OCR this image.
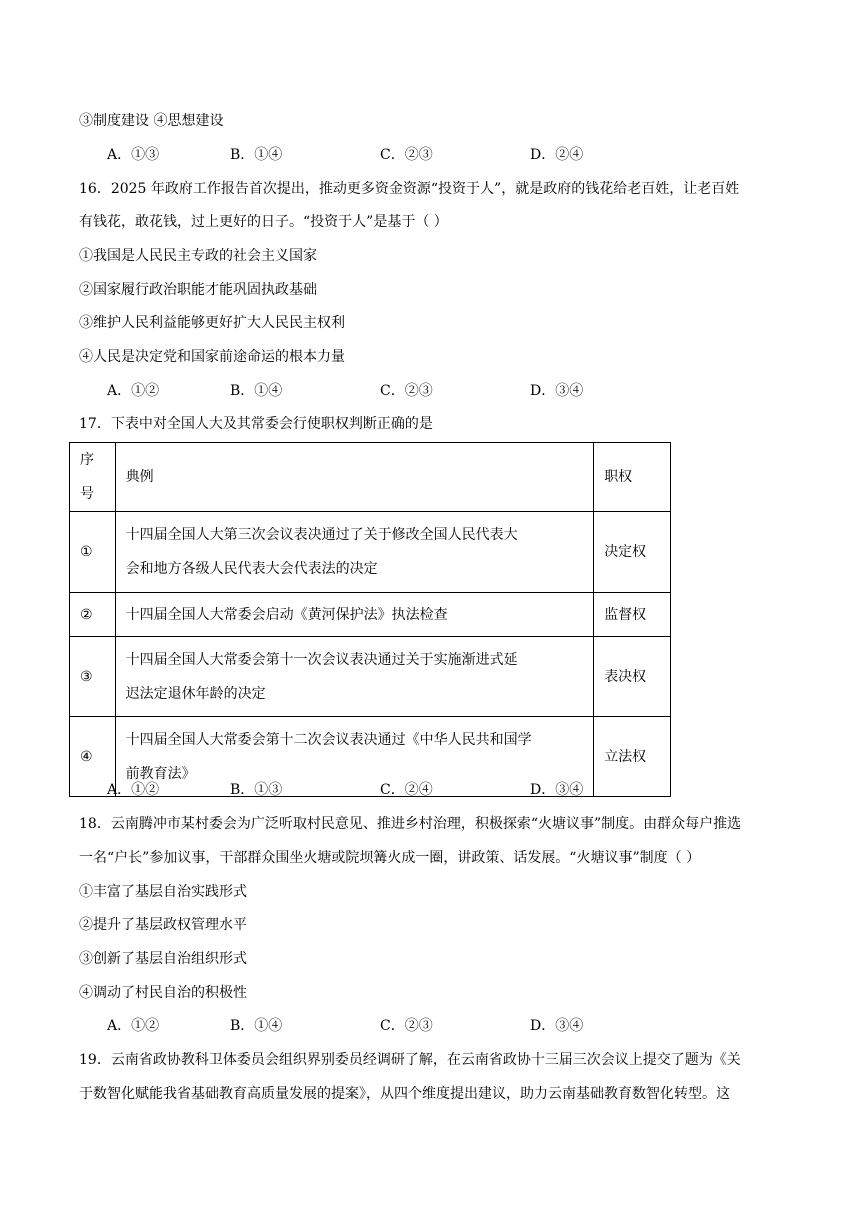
③制度建设 ④思想建设
A．①③	B．①④	C．②③	D．②④
16．2025 年政府工作报告首次提出，推动更多资金资源“投资于人”，就是政府的钱花给老百姓，让老百姓
有钱花，敢花钱，过上更好的日子。“投资于人”是基于（ ）
①我国是人民民主专政的社会主义国家
②国家履行政治职能才能巩固执政基础
③维护人民利益能够更好扩大人民民主权利
④人民是决定党和国家前途命运的根本力量
A．①②	B．①④	C．②③	D．③④
17．下表中对全国人大及其常委会行使职权判断正确的是
序号	典例	职权
①	十四届全国人大第三次会议表决通过了关于修改全国人民代表大
会和地方各级人民代表大会代表法的决定	决定权
②	十四届全国人大常委会启动《黄河保护法》执法检查	监督权
③	十四届全国人大常委会第十一次会议表决通过关于实施渐进式延
迟法定退休年龄的决定	表决权
④	十四届全国人大常委会第十二次会议表决通过《中华人民共和国学
前教育法》	立法权
A．①②	B．①③	C．②④	D．③④
18．云南腾冲市某村委会为广泛听取村民意见、推进乡村治理，积极探索“火塘议事”制度。由群众每户推选
一名“户长”参加议事，干部群众围坐火塘或院坝篝火成一圈，讲政策、话发展。“火塘议事”制度（ ）
①丰富了基层自治实践形式
②提升了基层政权管理水平
③创新了基层自治组织形式
④调动了村民自治的积极性
A．①②	B．①④	C．②③	D．③④
19．云南省政协教科卫体委员会组织界别委员经调研了解，在云南省政协十三届三次会议上提交了题为《关
于数智化赋能我省基础教育高质量发展的提案》，从四个维度提出建议，助力云南基础教育数智化转型。这
